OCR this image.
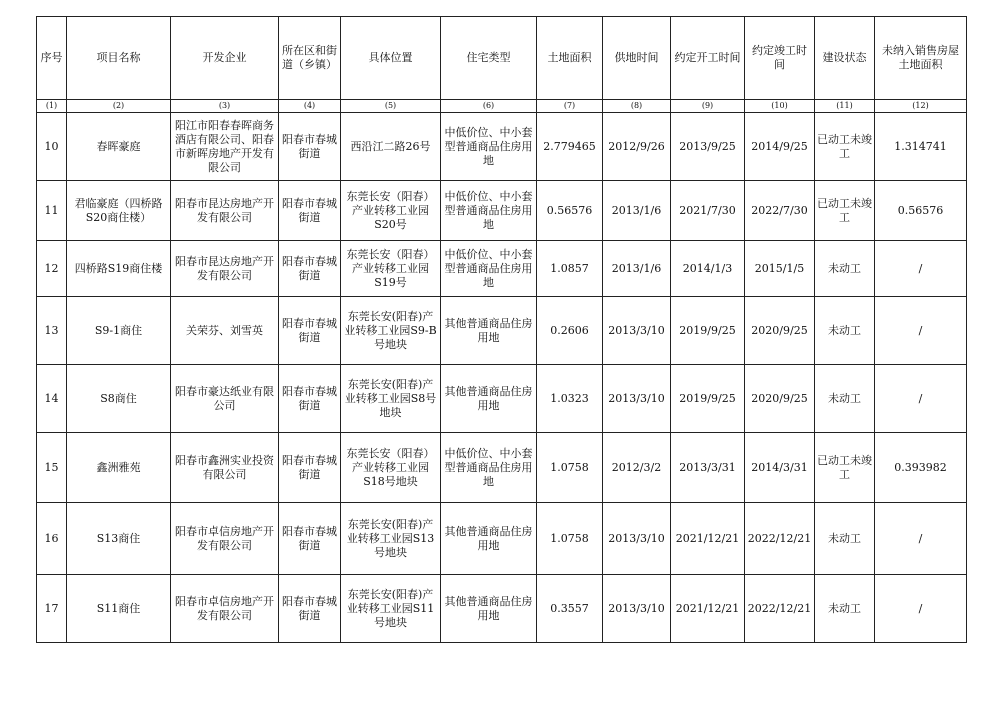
序号	项目名称	开发企业	所在区和街道（乡镇）	具体位置	住宅类型	土地面积	供地时间	约定开工时间	约定竣工时间	建设状态	未纳入销售房屋土地面积
(1)	(2)	(3)	(4)	(5)	(6)	(7)	(8)	(9)	(10)	(11)	(12)
10	春晖豪庭	阳江市阳春春晖商务酒店有限公司、阳春市新晖房地产开发有限公司	阳春市春城街道	西沿江二路26号	中低价位、中小套型普通商品住房用地	2.779465	2012/9/26	2013/9/25	2014/9/25	已动工未竣工	1.314741
11	君临豪庭（四桥路S20商住楼）	阳春市昆达房地产开发有限公司	阳春市春城街道	东莞长安（阳春）产业转移工业园S20号	中低价位、中小套型普通商品住房用地	0.56576	2013/1/6	2021/7/30	2022/7/30	已动工未竣工	0.56576
12	四桥路S19商住楼	阳春市昆达房地产开发有限公司	阳春市春城街道	东莞长安（阳春）产业转移工业园S19号	中低价位、中小套型普通商品住房用地	1.0857	2013/1/6	2014/1/3	2015/1/5	未动工	/
13	S9-1商住	关荣芬、刘雪英	阳春市春城街道	东莞长安(阳春)产业转移工业园S9-B号地块	其他普通商品住房用地	0.2606	2013/3/10	2019/9/25	2020/9/25	未动工	/
14	S8商住	阳春市豪达纸业有限公司	阳春市春城街道	东莞长安(阳春)产业转移工业园S8号地块	其他普通商品住房用地	1.0323	2013/3/10	2019/9/25	2020/9/25	未动工	/
15	鑫洲雅苑	阳春市鑫洲实业投资有限公司	阳春市春城街道	东莞长安（阳春）产业转移工业园S18号地块	中低价位、中小套型普通商品住房用地	1.0758	2012/3/2	2013/3/31	2014/3/31	已动工未竣工	0.393982
16	S13商住	阳春市卓信房地产开发有限公司	阳春市春城街道	东莞长安(阳春)产业转移工业园S13号地块	其他普通商品住房用地	1.0758	2013/3/10	2021/12/21	2022/12/21	未动工	/
17	S11商住	阳春市卓信房地产开发有限公司	阳春市春城街道	东莞长安(阳春)产业转移工业园S11号地块	其他普通商品住房用地	0.3557	2013/3/10	2021/12/21	2022/12/21	未动工	/
